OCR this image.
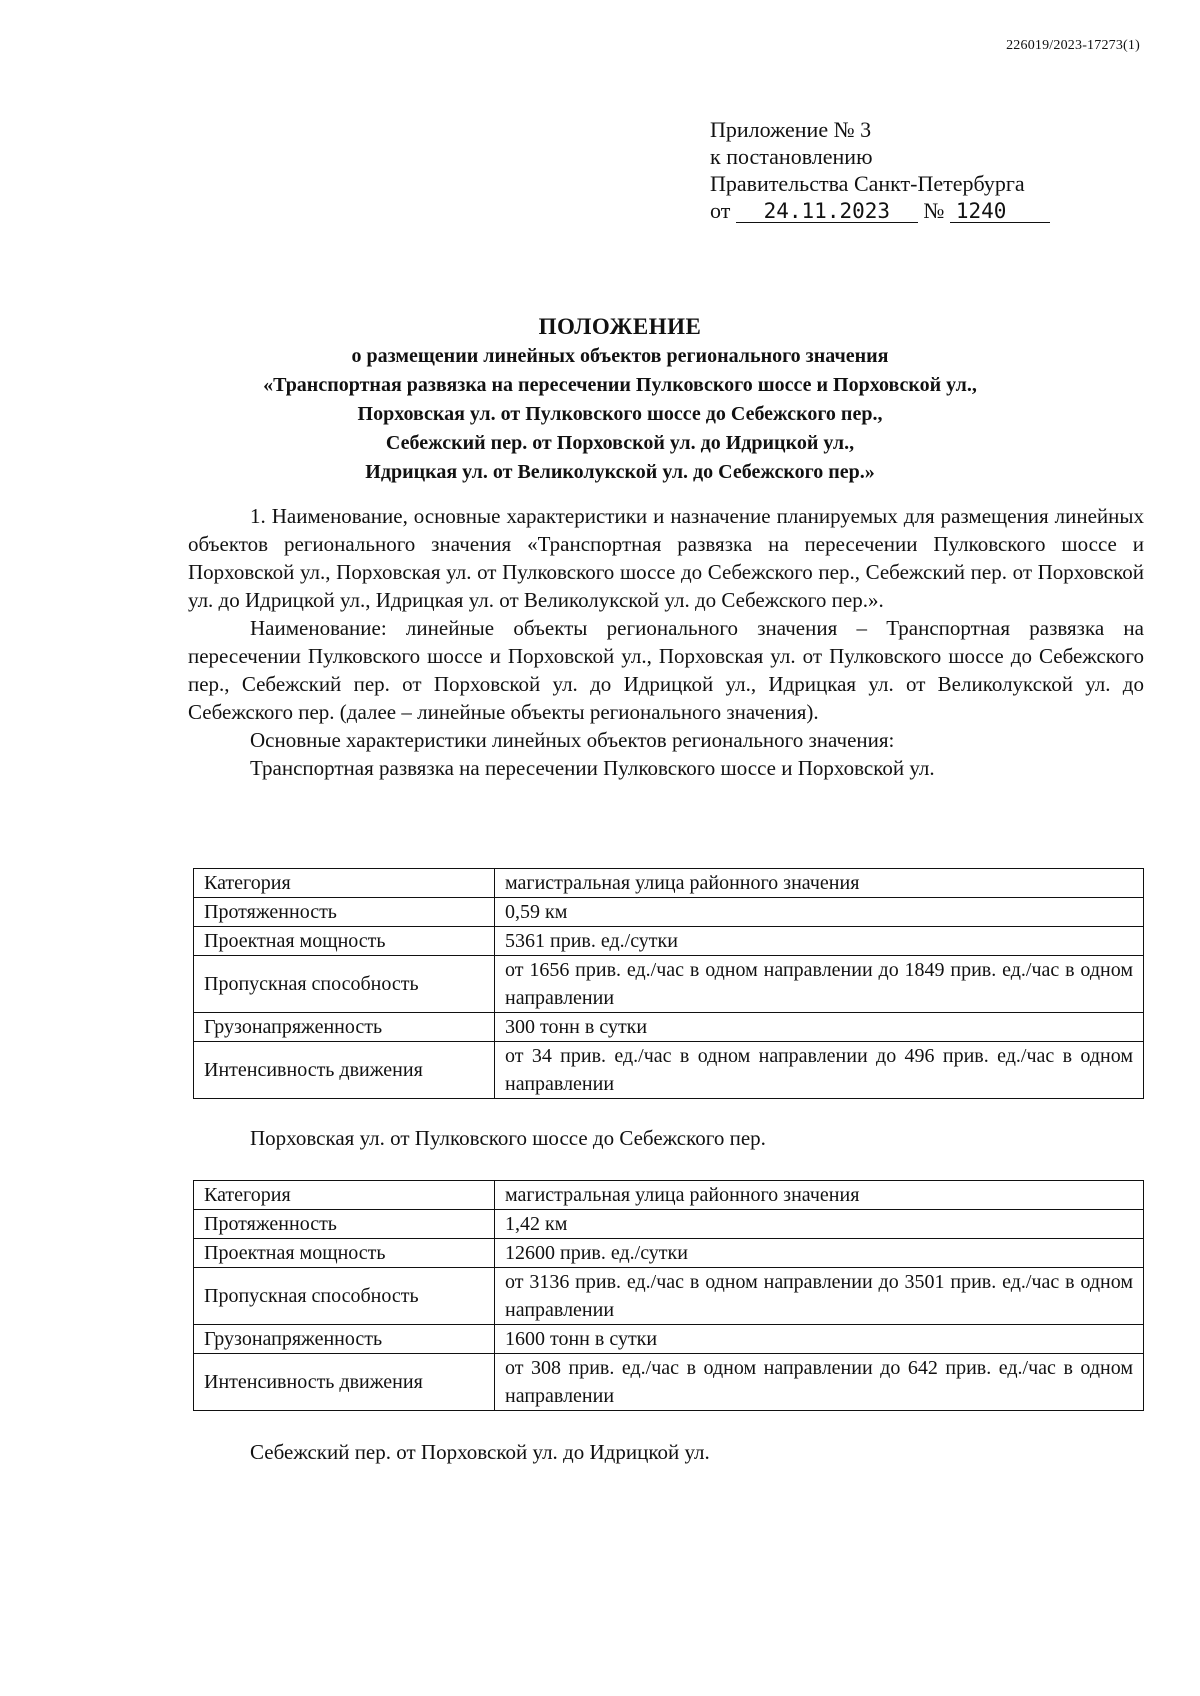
226019/2023-17273(1)
Приложение № 3
к постановлению
Правительства Санкт-Петербурга
от 24.11.2023 № 1240
ПОЛОЖЕНИЕ
о размещении линейных объектов регионального значения
«Транспортная развязка на пересечении Пулковского шоссе и Порховской ул.,
Порховская ул. от Пулковского шоссе до Себежского пер.,
Себежский пер. от Порховской ул. до Идрицкой ул.,
Идрицкая ул. от Великолукской ул. до Себежского пер.»

1. Наименование, основные характеристики и назначение планируемых для размещения линейных объектов регионального значения «Транспортная развязка на пересечении Пулковского шоссе и Порховской ул., Порховская ул. от Пулковского шоссе до Себежского пер., Себежский пер. от Порховской ул. до Идрицкой ул., Идрицкая ул. от Великолукской ул. до Себежского пер.».

Наименование: линейные объекты регионального значения – Транспортная развязка на пересечении Пулковского шоссе и Порховской ул., Порховская ул. от Пулковского шоссе до Себежского пер., Себежский пер. от Порховской ул. до Идрицкой ул., Идрицкая ул. от Великолукской ул. до Себежского пер. (далее – линейные объекты регионального значения).

Основные характеристики линейных объектов регионального значения:

Транспортная развязка на пересечении Пулковского шоссе и Порховской ул.

Категория	магистральная улица районного значения
Протяженность	0,59 км
Проектная мощность	5361 прив. ед./сутки
Пропускная способность	от 1656 прив. ед./час в одном направлении до 1849 прив. ед./час в одном направлении
Грузонапряженность	300 тонн в сутки
Интенсивность движения	от 34 прив. ед./час в одном направлении до 496 прив. ед./час в одном направлении
Порховская ул. от Пулковского шоссе до Себежского пер.
Категория	магистральная улица районного значения
Протяженность	1,42 км
Проектная мощность	12600 прив. ед./сутки
Пропускная способность	от 3136 прив. ед./час в одном направлении до 3501 прив. ед./час в одном направлении
Грузонапряженность	1600 тонн в сутки
Интенсивность движения	от 308 прив. ед./час в одном направлении до 642 прив. ед./час в одном направлении
Себежский пер. от Порховской ул. до Идрицкой ул.
